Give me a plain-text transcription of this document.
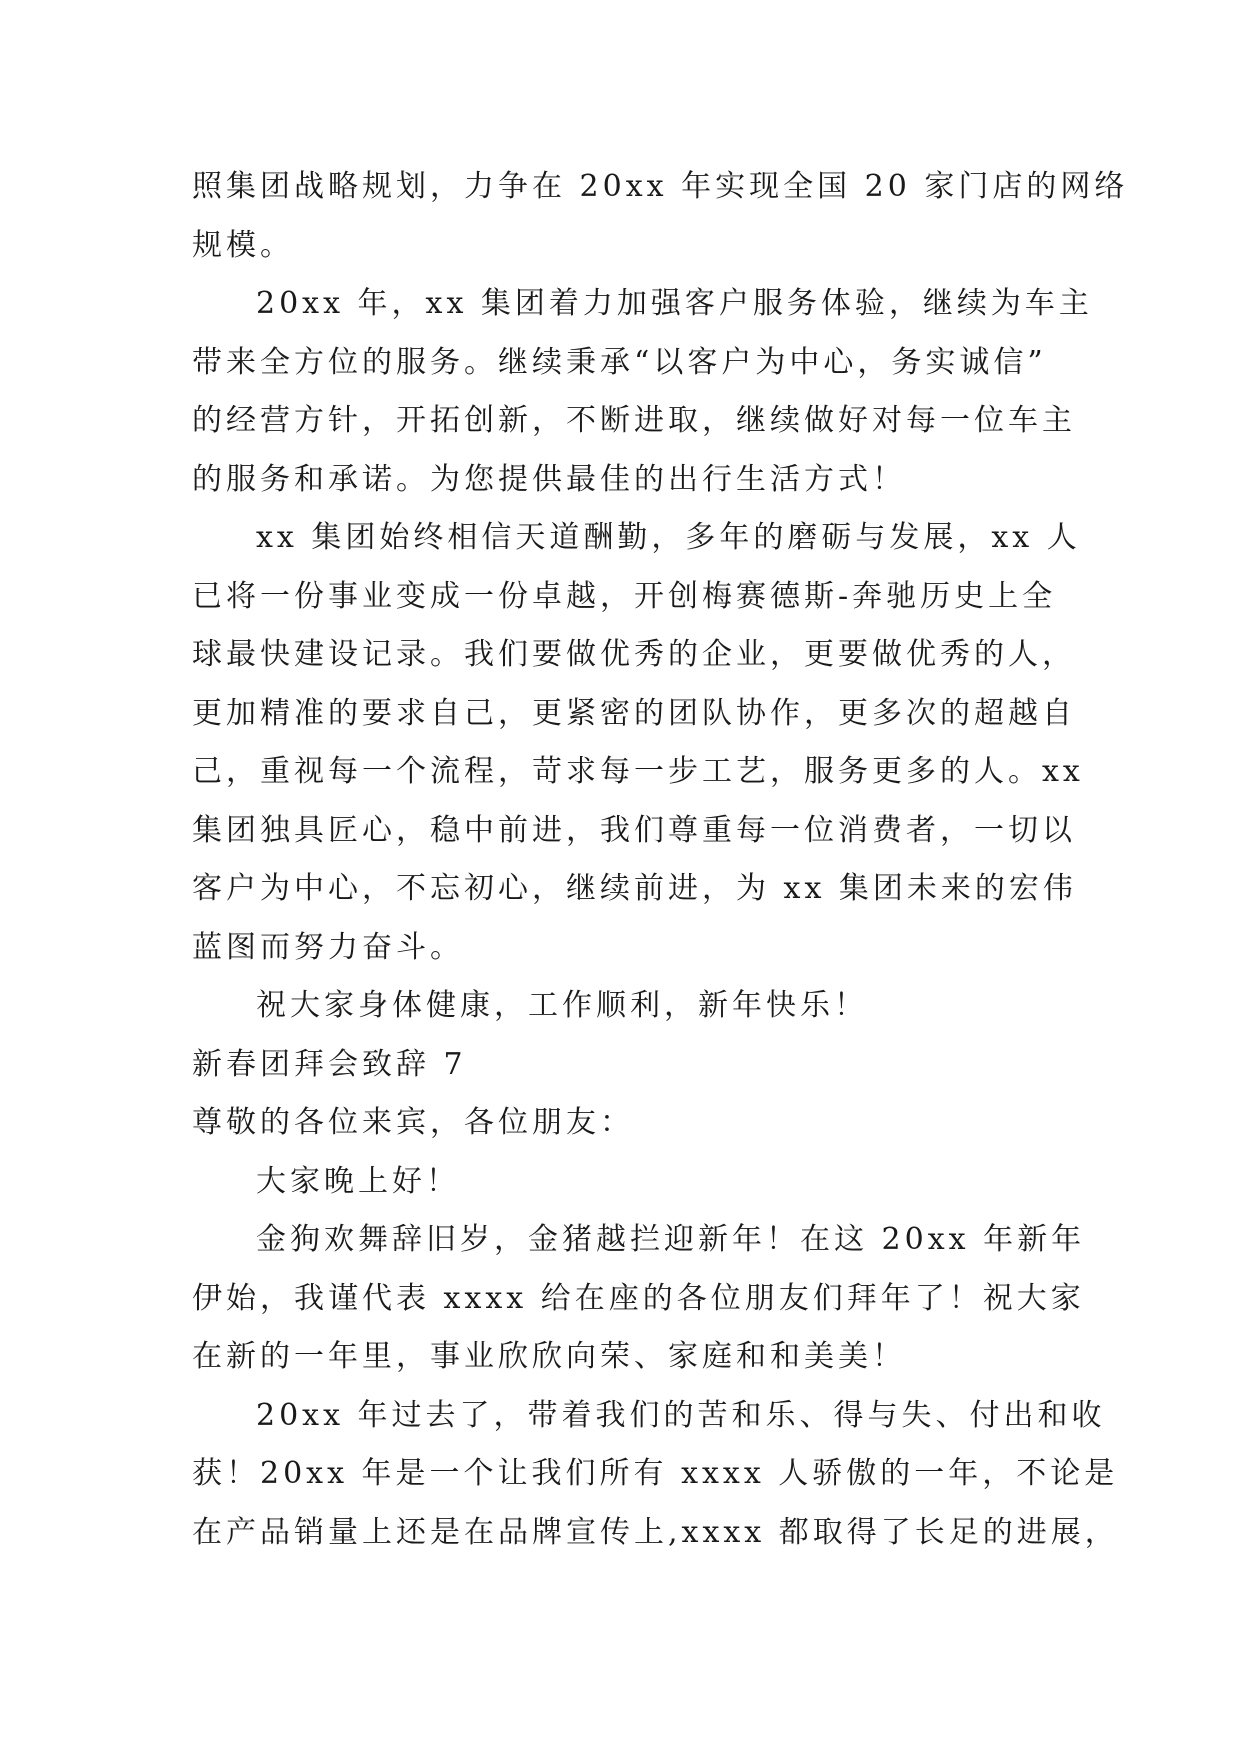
照集团战略规划，力争在 20xx 年实现全国 20 家门店的网络
规模。
20xx 年，xx 集团着力加强客户服务体验，继续为车主
带来全方位的服务。继续秉承“以客户为中心，务实诚信”
的经营方针，开拓创新，不断进取，继续做好对每一位车主
的服务和承诺。为您提供最佳的出行生活方式！
xx 集团始终相信天道酬勤，多年的磨砺与发展，xx 人
已将一份事业变成一份卓越，开创梅赛德斯-奔驰历史上全
球最快建设记录。我们要做优秀的企业，更要做优秀的人，
更加精准的要求自己，更紧密的团队协作，更多次的超越自
己，重视每一个流程，苛求每一步工艺，服务更多的人。xx
集团独具匠心，稳中前进，我们尊重每一位消费者，一切以
客户为中心，不忘初心，继续前进，为 xx 集团未来的宏伟
蓝图而努力奋斗。
祝大家身体健康，工作顺利，新年快乐！
新春团拜会致辞 7
尊敬的各位来宾，各位朋友：
大家晚上好！
金狗欢舞辞旧岁，金猪越拦迎新年！在这 20xx 年新年
伊始，我谨代表 xxxx 给在座的各位朋友们拜年了！祝大家
在新的一年里，事业欣欣向荣、家庭和和美美！
20xx 年过去了，带着我们的苦和乐、得与失、付出和收
获！20xx 年是一个让我们所有 xxxx 人骄傲的一年，不论是
在产品销量上还是在品牌宣传上,xxxx 都取得了长足的进展，
